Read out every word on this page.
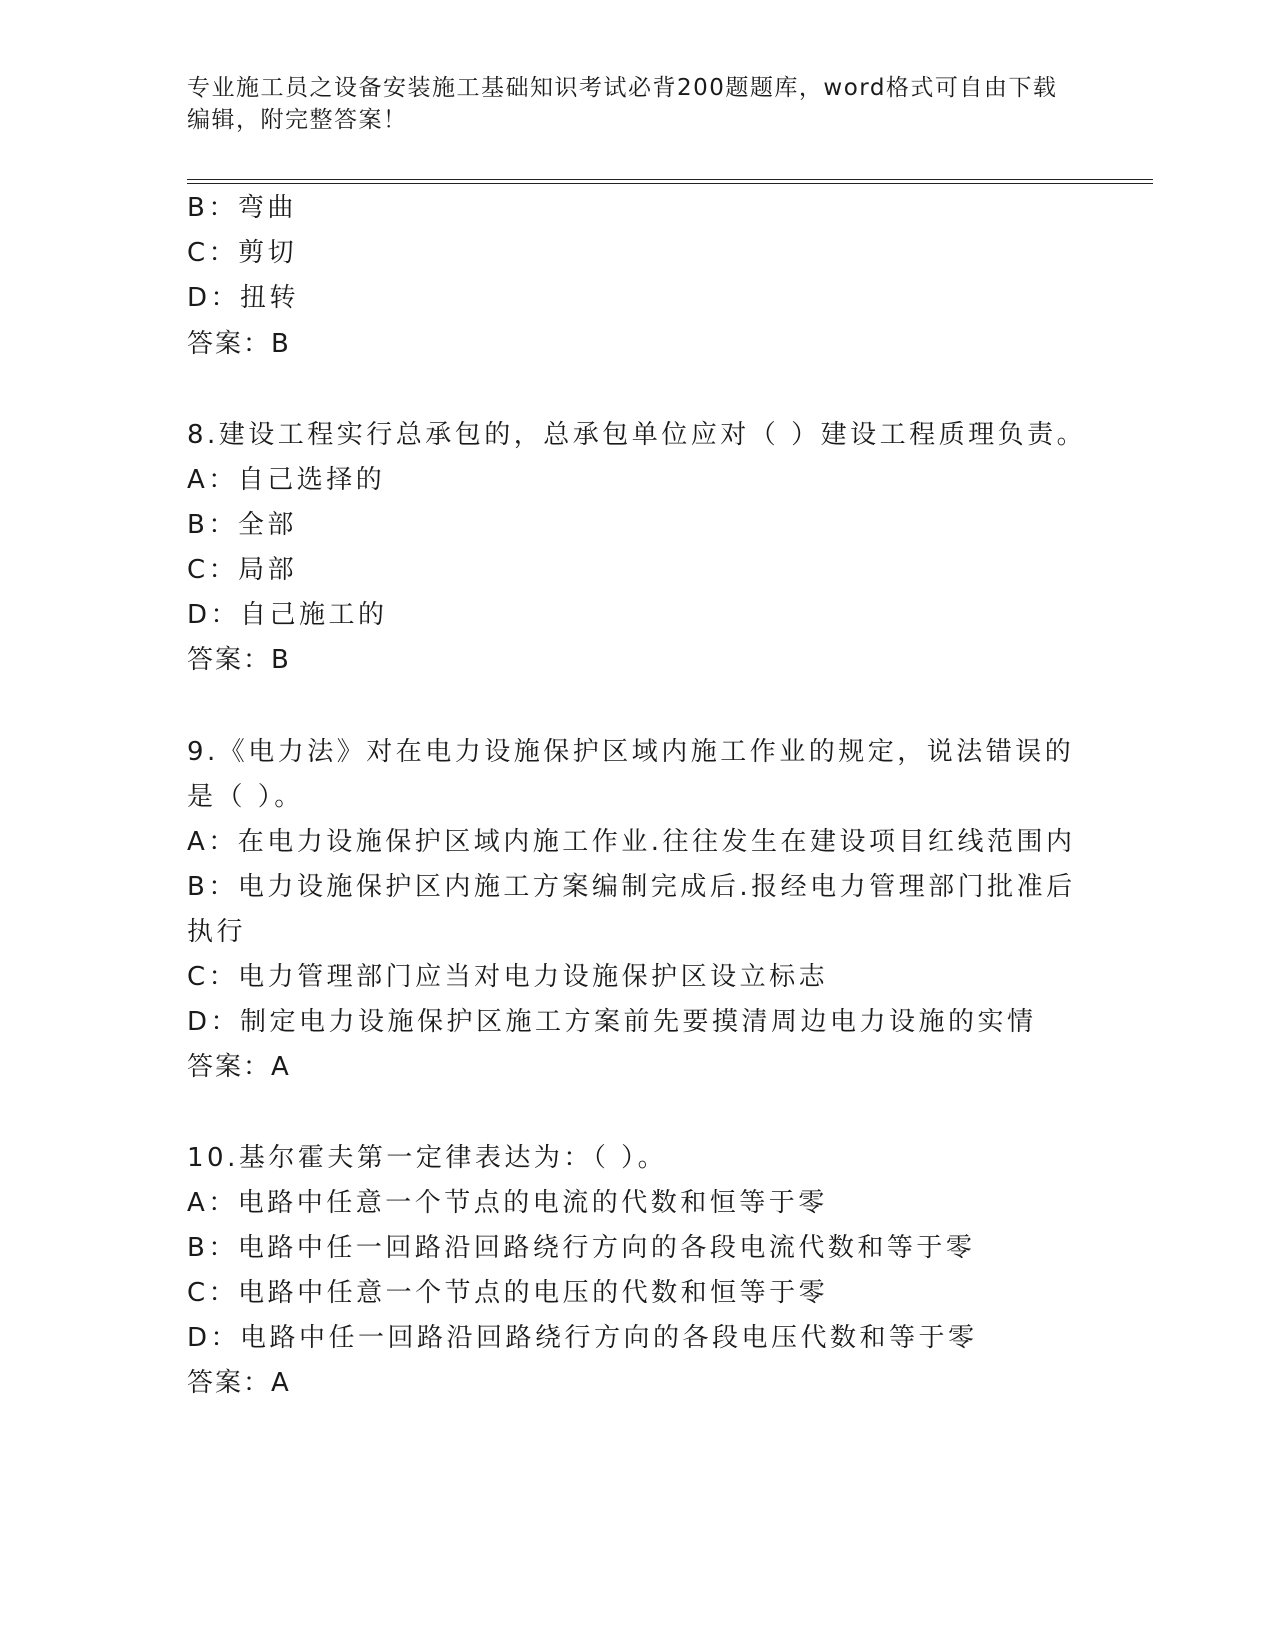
专业施工员之设备安装施工基础知识考试必背200题题库，word格式可自由下载
编辑，附完整答案！
B：弯曲
C：剪切
D：扭转
答案：B
8.建设工程实行总承包的，总承包单位应对（ ）建设工程质理负责。
A：自己选择的
B：全部
C：局部
D：自己施工的
答案：B
9.《电力法》对在电力设施保护区域内施工作业的规定，说法错误的
是（ ）。
A：在电力设施保护区域内施工作业.往往发生在建设项目红线范围内
B：电力设施保护区内施工方案编制完成后.报经电力管理部门批准后
执行
C：电力管理部门应当对电力设施保护区设立标志
D：制定电力设施保护区施工方案前先要摸清周边电力设施的实情
答案：A
10.基尔霍夫第一定律表达为：（ ）。
A：电路中任意一个节点的电流的代数和恒等于零
B：电路中任一回路沿回路绕行方向的各段电流代数和等于零
C：电路中任意一个节点的电压的代数和恒等于零
D：电路中任一回路沿回路绕行方向的各段电压代数和等于零
答案：A
